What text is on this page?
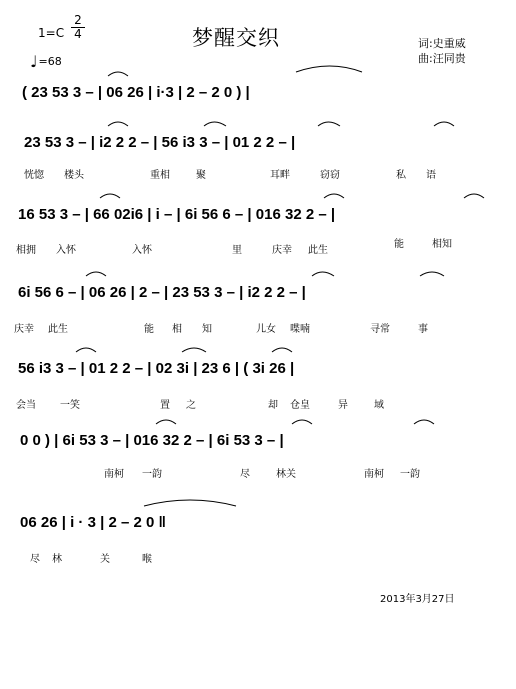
1=C
2
4
♩=68
梦醒交织	词:史重威
曲:汪同贵
( 23 53 3 – | 06 26 | i·3 | 2 – 2 0 ) |
23 53 3 – | i2 2 2 – | 56 i3 3 – | 01 2 2 – |
16 53 3 – | 66 02i6 | i – | 6i 56 6 – | 016 32 2 – |
6i 56 6 – | 06 26 | 2 – | 23 53 3 – | i2 2 2 – |
56 i3 3 – | 01 2 2 – | 02 3i | 23 6 | ( 3i 26 |
0 0 ) | 6i 53 3 – | 016 32 2 – | 6i 53 3 – |
06 26 | i · 3 | 2 – 2 0 ‖
恍惚 楼头	重相	聚	耳畔	窃窃	私 语
相拥 入怀	入怀	里	庆幸 此生
能	相知
庆幸 此生	能 相 知	儿女 喋喃	寻常	事
会当 一笑	置 之	却 仓皇	异	域
南柯 一韵	尽	林关	南柯 一韵
尽 林	关	喉
2013年3月27日
